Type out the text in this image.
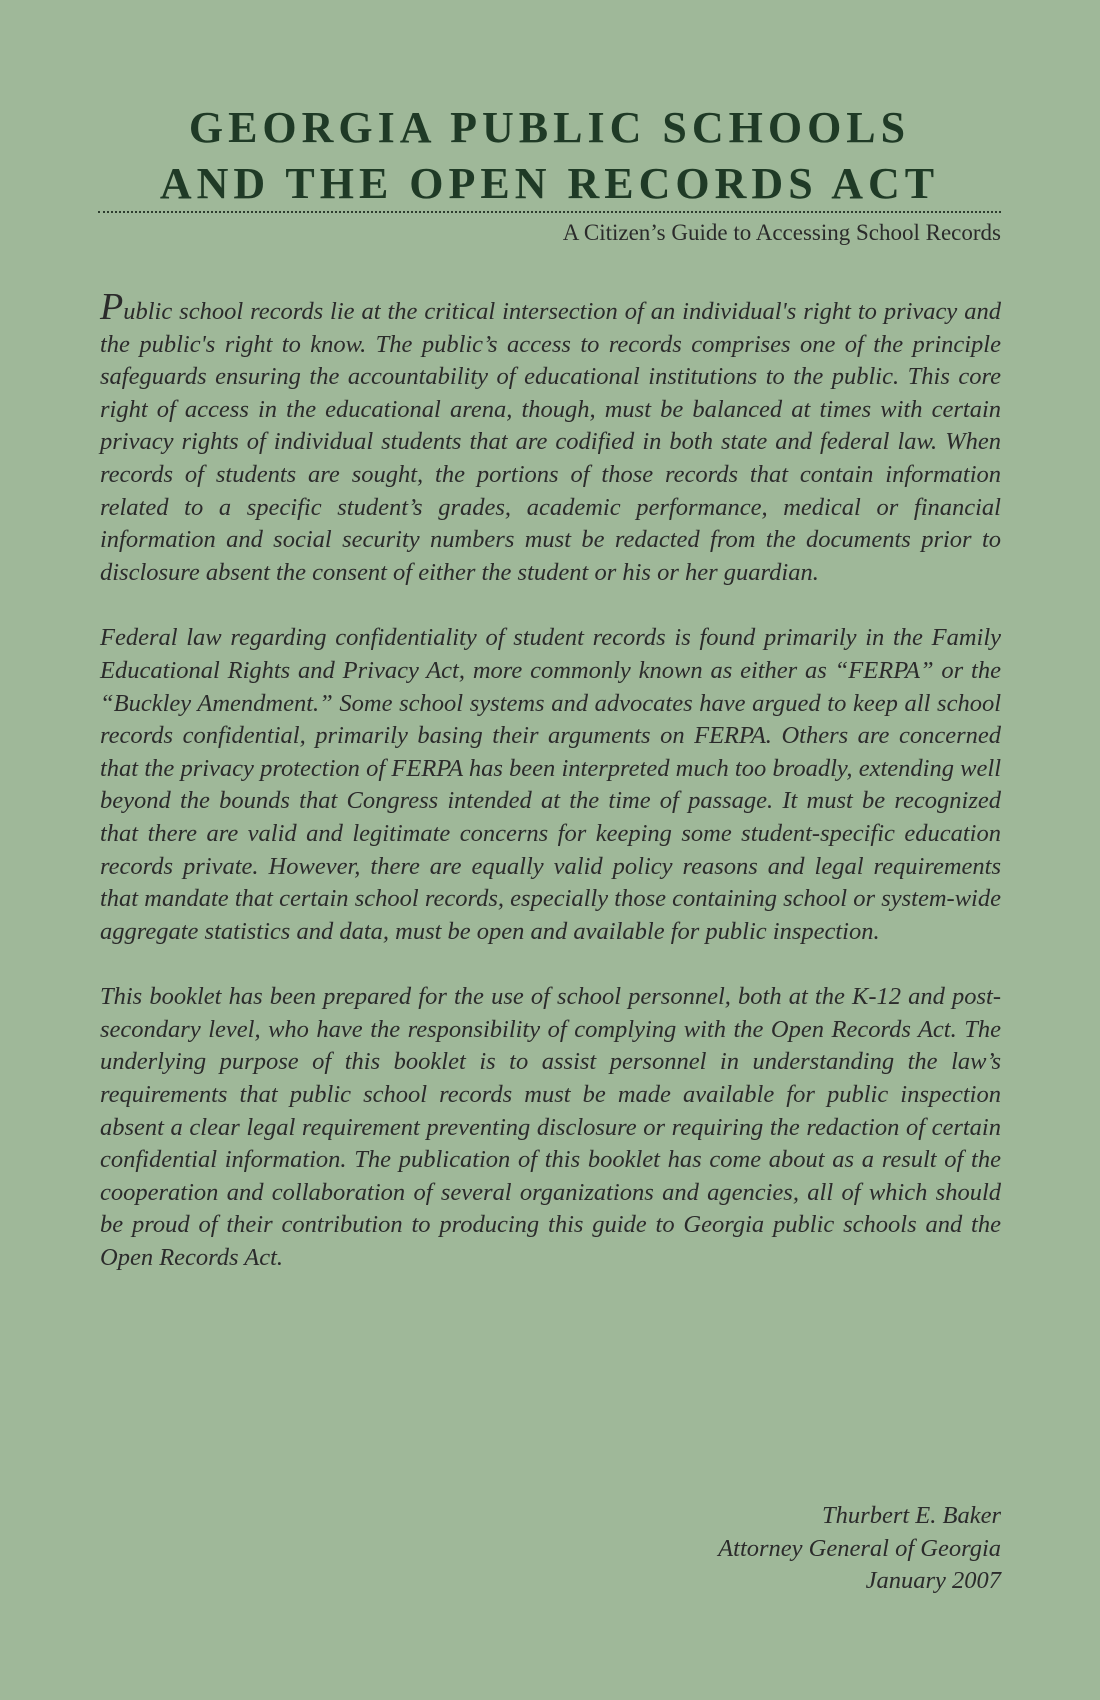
GEORGIA PUBLIC SCHOOLS
AND THE OPEN RECORDS ACT
A Citizen’s Guide to Accessing School Records

Public school records lie at the critical intersection of an individual's right to privacy and the public's right to know. The public’s access to records comprises one of the principle safeguards ensuring the accountability of educational institutions to the public. This core right of access in the educational arena, though, must be balanced at times with certain privacy rights of individual students that are codified in both state and federal law. When records of students are sought, the portions of those records that contain information related to a specific student’s grades, academic performance, medical or financial information and social security numbers must be redacted from the documents prior to disclosure absent the consent of either the student or his or her guardian.

Federal law regarding confidentiality of student records is found primarily in the Family Educational Rights and Privacy Act, more commonly known as either as “FERPA” or the “Buckley Amendment.” Some school systems and advocates have argued to keep all school records confidential, primarily basing their arguments on FERPA. Others are concerned that the privacy protection of FERPA has been interpreted much too broadly, extending well beyond the bounds that Congress intended at the time of passage. It must be recognized that there are valid and legitimate concerns for keeping some student-specific education records private. However, there are equally valid policy reasons and legal requirements that mandate that certain school records, especially those containing school or system-wide aggregate statistics and data, must be open and available for public inspection.

This booklet has been prepared for the use of school personnel, both at the K-12 and post-secondary level, who have the responsibility of complying with the Open Records Act. The underlying purpose of this booklet is to assist personnel in understanding the law’s requirements that public school records must be made available for public inspection absent a clear legal requirement preventing disclosure or requiring the redaction of certain confidential information. The publication of this booklet has come about as a result of the cooperation and collaboration of several organizations and agencies, all of which should be proud of their contribution to producing this guide to Georgia public schools and the Open Records Act.

Thurbert E. Baker
Attorney General of Georgia
January 2007
